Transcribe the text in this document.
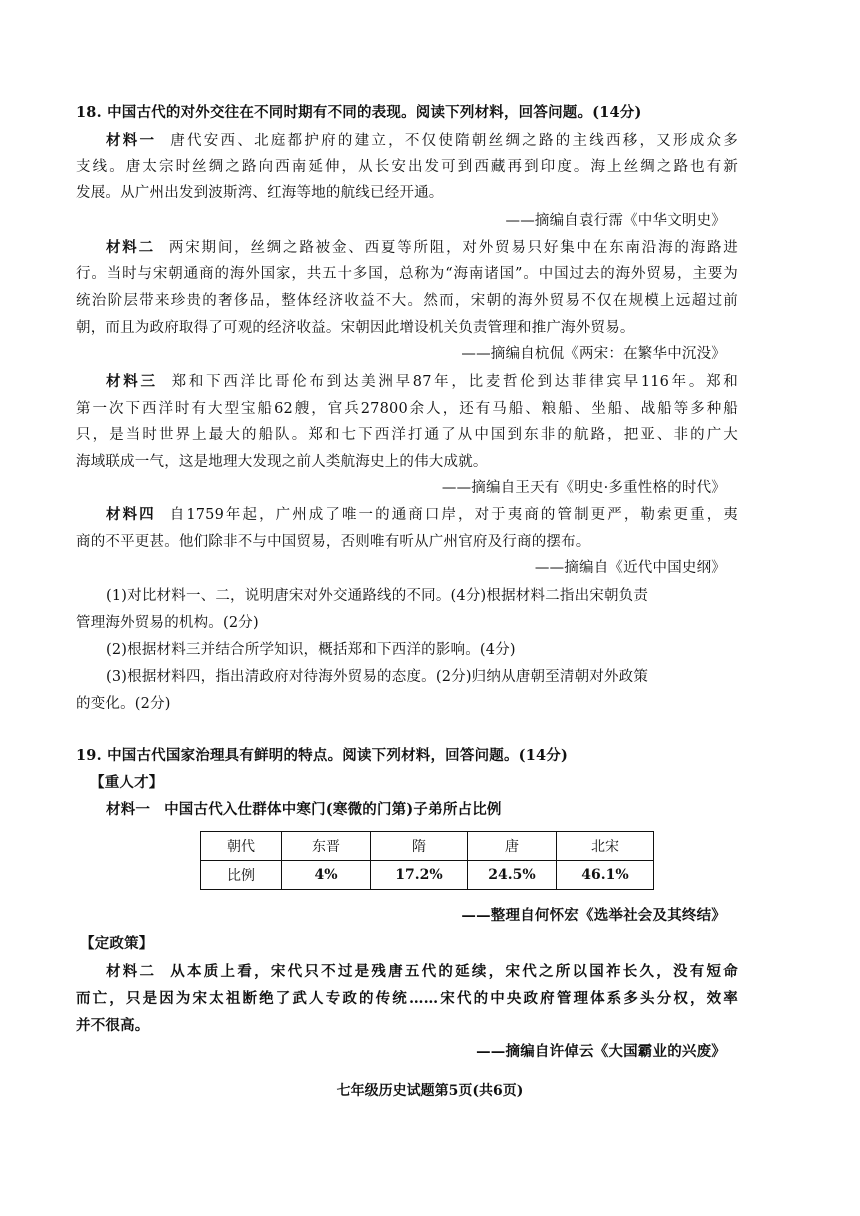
18. 中国古代的对外交往在不同时期有不同的表现。阅读下列材料，回答问题。(14分)
材料一 唐代安西、北庭都护府的建立，不仅使隋朝丝绸之路的主线西移，又形成众多
支线。唐太宗时丝绸之路向西南延伸，从长安出发可到西藏再到印度。海上丝绸之路也有新
发展。从广州出发到波斯湾、红海等地的航线已经开通。
——摘编自袁行霈《中华文明史》
材料二 两宋期间，丝绸之路被金、西夏等所阻，对外贸易只好集中在东南沿海的海路进
行。当时与宋朝通商的海外国家，共五十多国，总称为“海南诸国”。中国过去的海外贸易，主要为
统治阶层带来珍贵的奢侈品，整体经济收益不大。然而，宋朝的海外贸易不仅在规模上远超过前
朝，而且为政府取得了可观的经济收益。宋朝因此增设机关负责管理和推广海外贸易。
——摘编自杭侃《两宋：在繁华中沉没》
材料三 郑和下西洋比哥伦布到达美洲早87年，比麦哲伦到达菲律宾早116年。郑和
第一次下西洋时有大型宝船62艘，官兵27800余人，还有马船、粮船、坐船、战船等多种船
只，是当时世界上最大的船队。郑和七下西洋打通了从中国到东非的航路，把亚、非的广大
海域联成一气，这是地理大发现之前人类航海史上的伟大成就。
——摘编自王天有《明史·多重性格的时代》
材料四 自1759年起，广州成了唯一的通商口岸，对于夷商的管制更严，勒索更重，夷
商的不平更甚。他们除非不与中国贸易，否则唯有听从广州官府及行商的摆布。
——摘编自《近代中国史纲》
(1)对比材料一、二，说明唐宋对外交通路线的不同。(4分)根据材料二指出宋朝负责
管理海外贸易的机构。(2分)
(2)根据材料三并结合所学知识，概括郑和下西洋的影响。(4分)
(3)根据材料四，指出清政府对待海外贸易的态度。(2分)归纳从唐朝至清朝对外政策
的变化。(2分)
19. 中国古代国家治理具有鲜明的特点。阅读下列材料，回答问题。(14分)
【重人才】
材料一 中国古代入仕群体中寒门(寒微的门第)子弟所占比例
朝代	东晋	隋	唐	北宋
比例	4%	17.2%	24.5%	46.1%
——整理自何怀宏《选举社会及其终结》
【定政策】
材料二 从本质上看，宋代只不过是残唐五代的延续，宋代之所以国祚长久，没有短命
而亡，只是因为宋太祖断绝了武人专政的传统……宋代的中央政府管理体系多头分权，效率
并不很高。
——摘编自许倬云《大国霸业的兴废》
七年级历史试题第5页(共6页)
